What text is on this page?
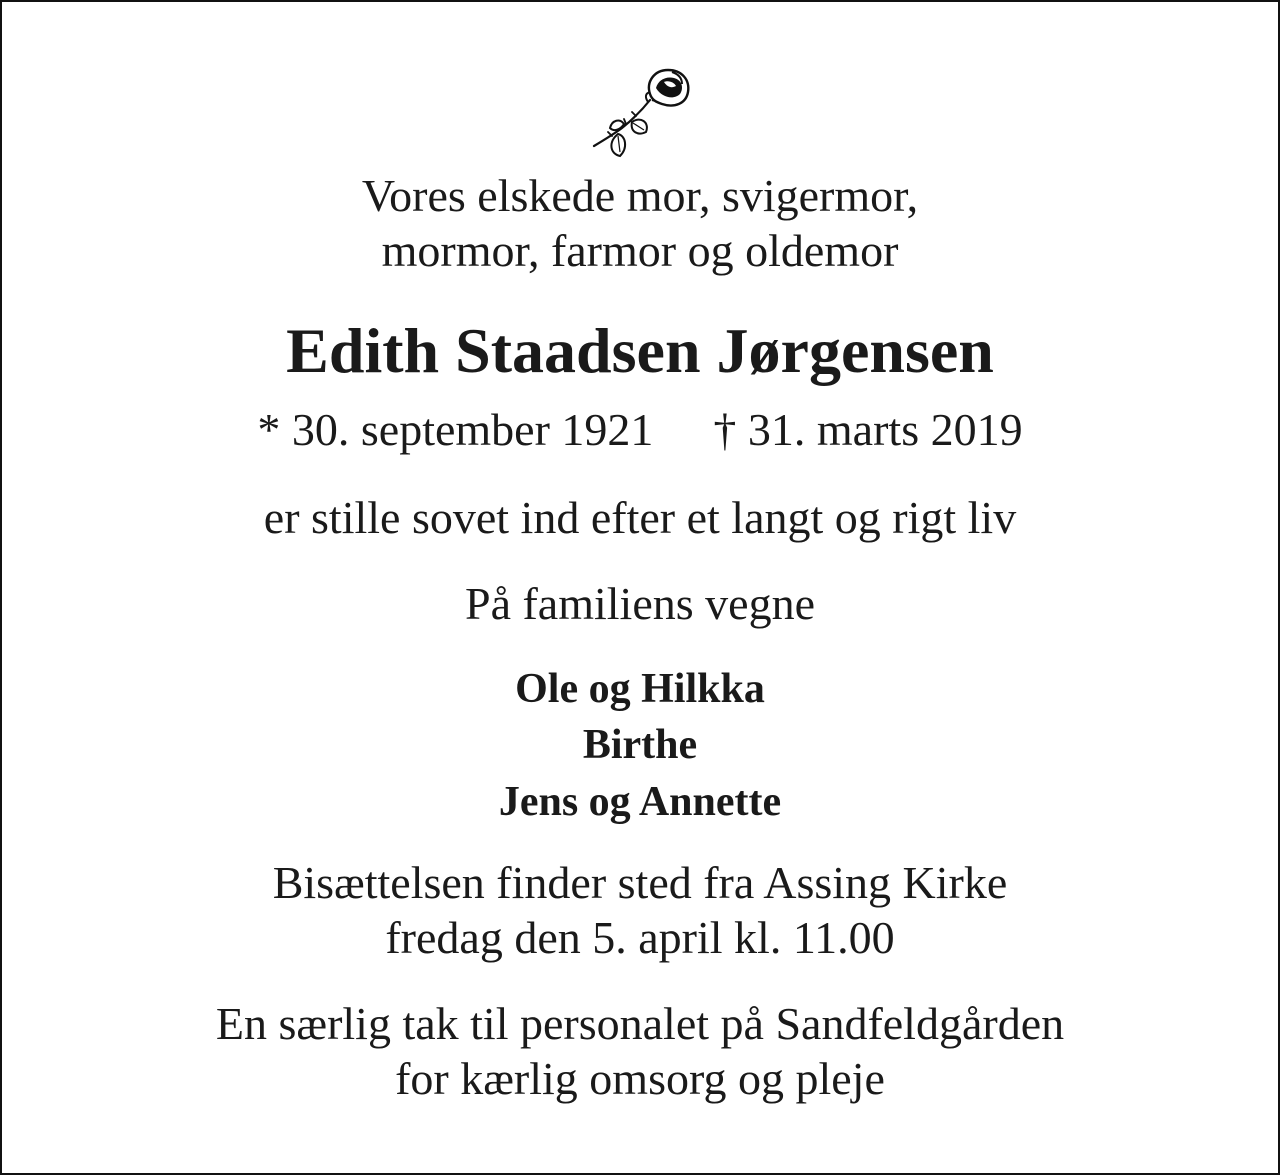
Vores elskede mor, svigermor,
mormor, farmor og oldemor
Edith Staadsen Jørgensen
* 30. september 1921 † 31. marts 2019
er stille sovet ind efter et langt og rigt liv
På familiens vegne
Ole og Hilkka
Birthe
Jens og Annette
Bisættelsen finder sted fra Assing Kirke
fredag den 5. april kl. 11.00
En særlig tak til personalet på Sandfeldgården
for kærlig omsorg og pleje
